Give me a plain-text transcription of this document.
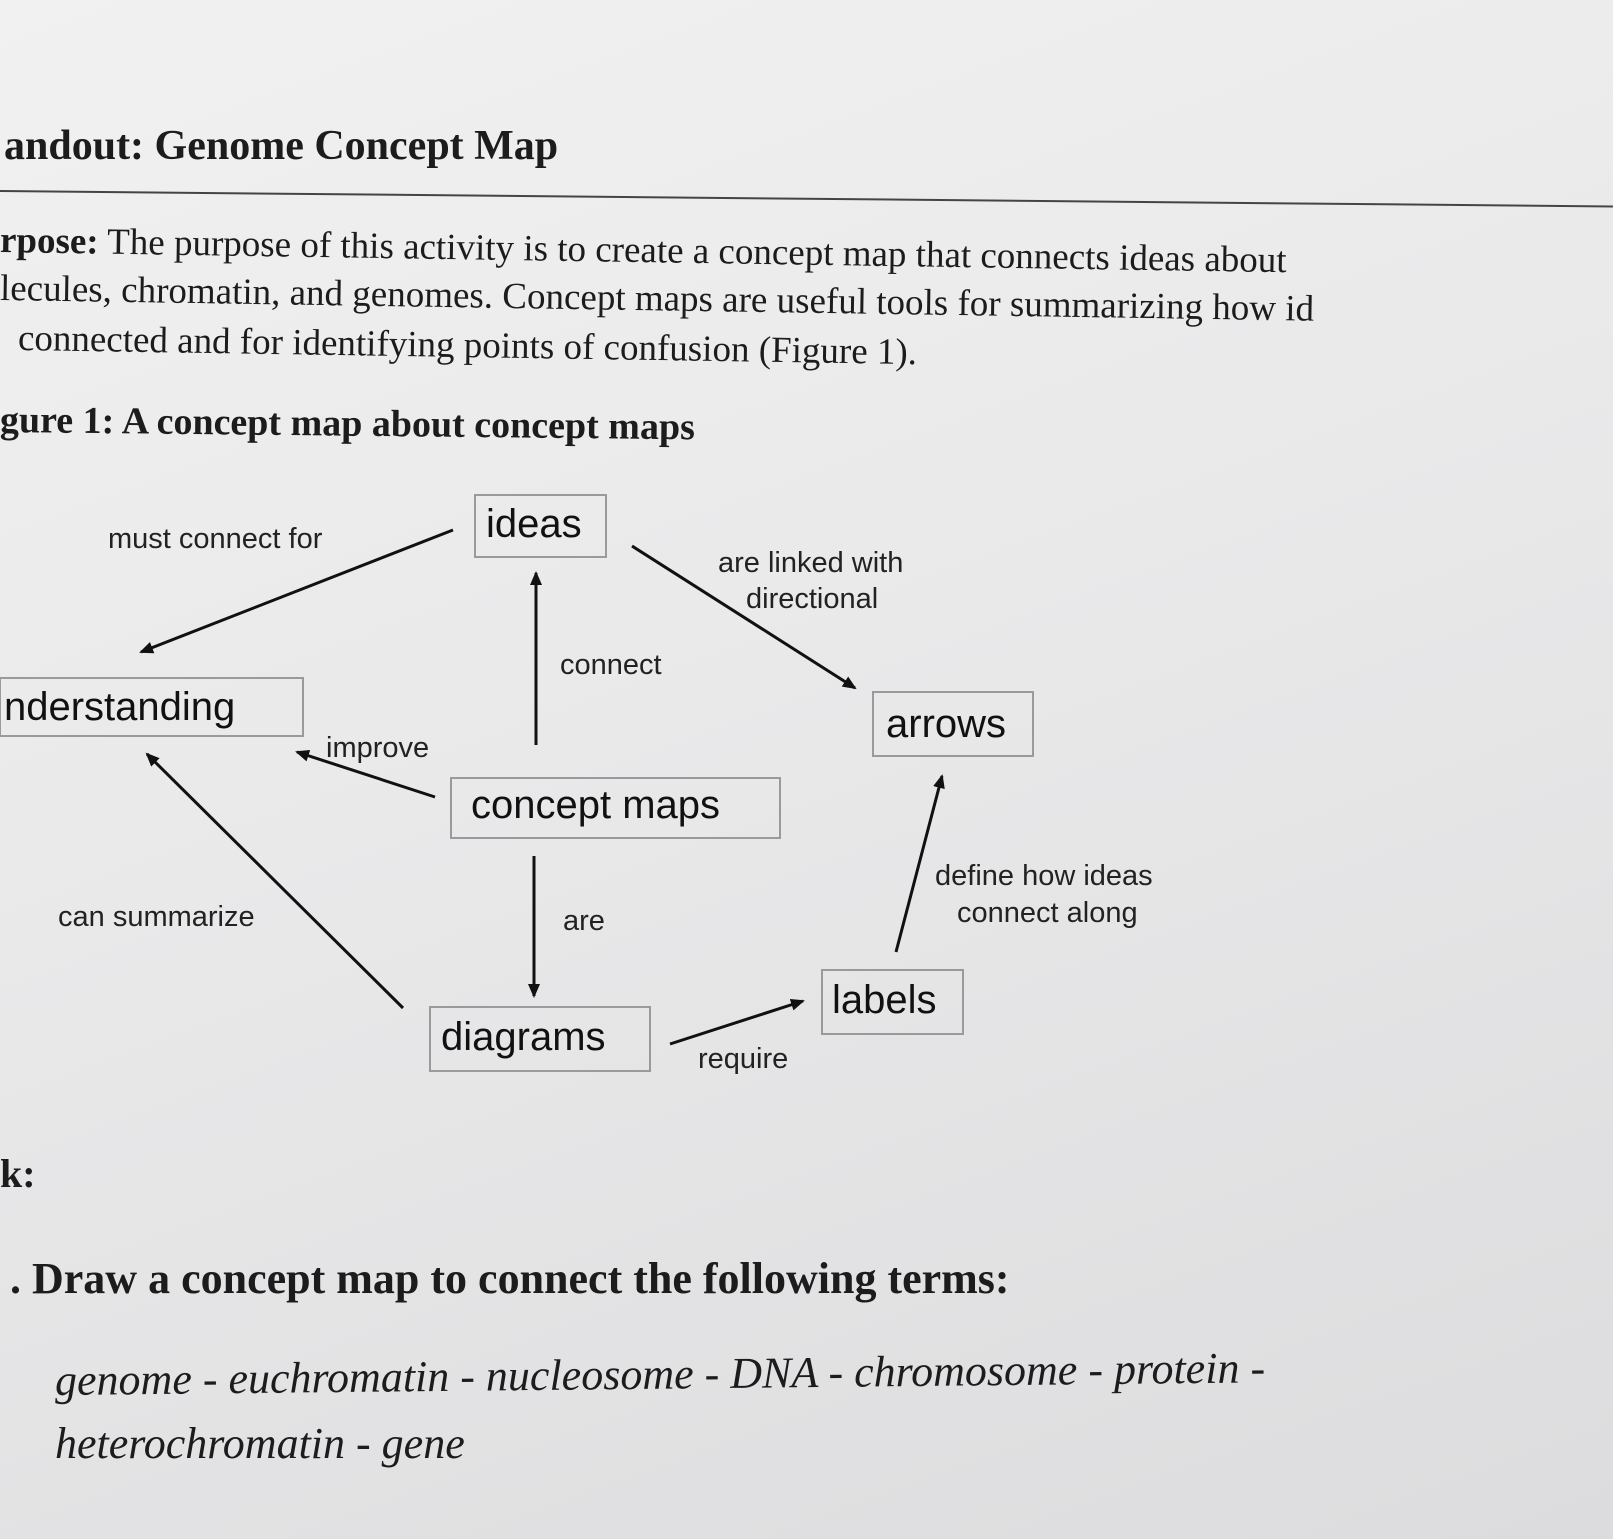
andout: Genome Concept Map
rpose: The purpose of this activity is to create a concept map that connects ideas about
lecules, chromatin, and genomes. Concept maps are useful tools for summarizing how id
connected and for identifying points of confusion (Figure 1).
gure 1: A concept map about concept maps
ideas
nderstanding	arrows
concept maps
diagrams
labels
must connect for
are linked with
directional
connect
improve
can summarize	are
define how ideas
connect along
require
k:
. Draw a concept map to connect the following terms:
genome - euchromatin - nucleosome - DNA - chromosome - protein -
heterochromatin - gene
